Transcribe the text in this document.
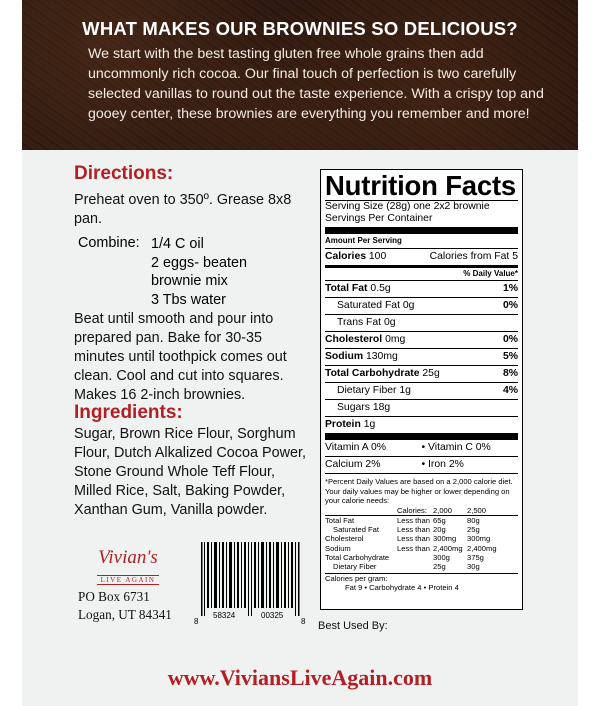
WHAT MAKES OUR BROWNIES SO DELICIOUS?
We start with the best tasting gluten free whole grains then add uncommonly rich cocoa. Our final touch of perfection is two carefully selected vanillas to round out the taste experience. With a crispy top and gooey center, these brownies are everything you remember and more!
Directions:

Preheat oven to 350º. Grease 8x8 pan.

Combine: 1/4 C oil
2 eggs- beaten
brownie mix
3 Tbs water

Beat until smooth and pour into prepared pan. Bake for 30-35 minutes until toothpick comes out clean. Cool and cut into squares. Makes 16 2-inch brownies.

Ingredients:

Sugar, Brown Rice Flour, Sorghum Flour, Dutch Alkalized Cocoa Power, Stone Ground Whole Teff Flour, Milled Rice, Salt, Baking Powder, Xanthan Gum, Vanilla powder.

Vivian's
LIVE AGAIN
PO Box 6731
Logan, UT 84341	8
58324	00325
8
Nutrition Facts
Serving Size (28g) one 2x2 brownie
Servings Per Container
Amount Per Serving
Calories 100	Calories from Fat 5
% Daily Value*
Total Fat 0.5g	1%
Saturated Fat 0g	0%
Trans Fat 0g
Cholesterol 0mg	0%
Sodium 130mg	5%
Total Carbohydrate 25g	8%
Dietary Fiber 1g	4%
Sugars 18g
Protein 1g
Vitamin A 0%	• Vitamin C 0%
Calcium 2%	• Iron 2%
*Percent Daily Values are based on a 2,000 calorie diet. Your daily values may be higher or lower depending on your calorie needs:
Calories: 2,000	2,500
Total Fat	Less than 65g	80g
Saturated Fat	Less than 20g	25g
Cholesterol	Less than 300mg	300mg
Sodium	Less than 2,400mg 2,400mg
Total Carbohydrate	300g	375g
Dietary Fiber	25g	30g
Calories per gram:
Fat 9 • Carbohydrate 4 • Protein 4
Best Used By:
www.ViviansLiveAgain.com
